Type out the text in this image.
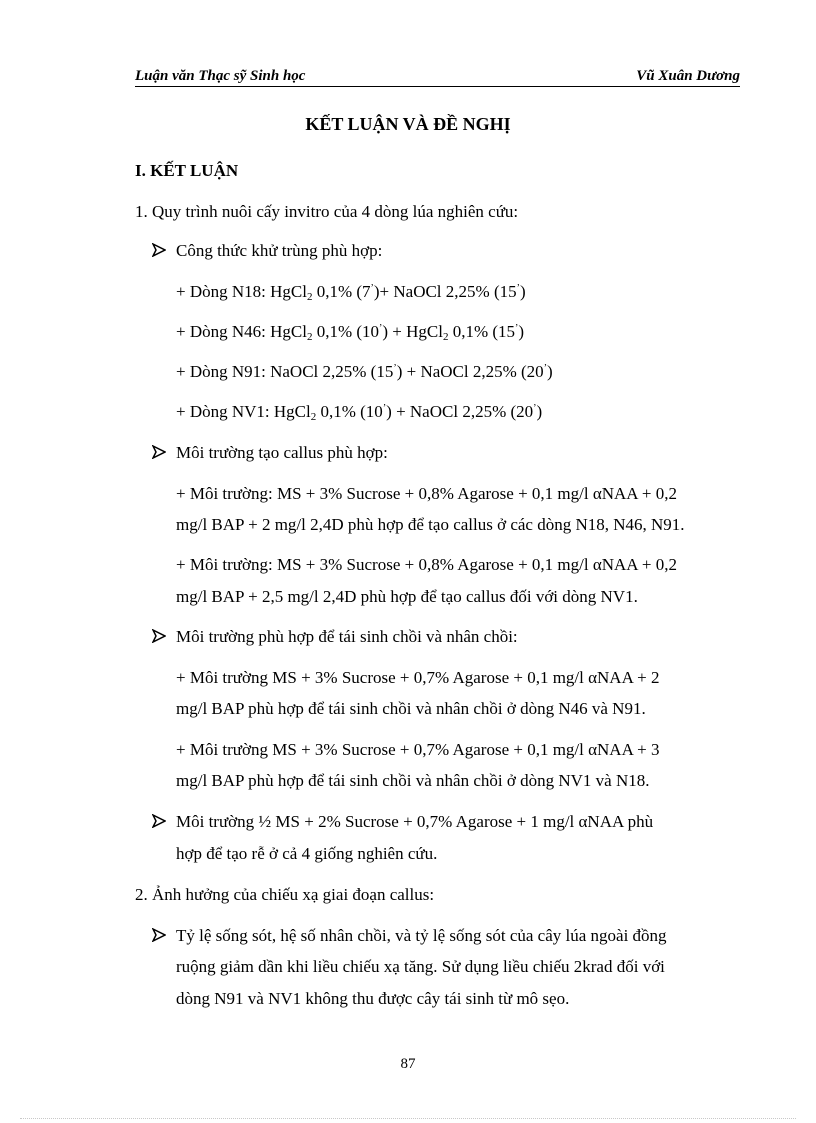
Luận văn Thạc sỹ Sinh học	Vũ Xuân Dương
KẾT LUẬN VÀ ĐỀ NGHỊ
I. KẾT LUẬN
1. Quy trình nuôi cấy invitro của 4 dòng lúa nghiên cứu:
Công thức khử trùng phù hợp:
+ Dòng N18: HgCl$_2$ 0,1% (7’)+ NaOCl 2,25% (15’)
+ Dòng N46: HgCl$_2$ 0,1% (10’) + HgCl$_2$ 0,1% (15’)
+ Dòng N91: NaOCl 2,25% (15’) + NaOCl 2,25% (20’)
+ Dòng NV1: HgCl$_2$ 0,1% (10’) + NaOCl 2,25% (20’)
Môi trường tạo callus phù hợp:
+ Môi trường: MS + 3% Sucrose + 0,8% Agarose + 0,1 mg/l αNAA + 0,2
mg/l BAP + 2 mg/l 2,4D phù hợp để tạo callus ở các dòng N18, N46, N91.
+ Môi trường: MS + 3% Sucrose + 0,8% Agarose + 0,1 mg/l αNAA + 0,2
mg/l BAP + 2,5 mg/l 2,4D phù hợp để tạo callus đối với dòng NV1.
Môi trường phù hợp để tái sinh chồi và nhân chồi:
+ Môi trường MS + 3% Sucrose + 0,7% Agarose + 0,1 mg/l αNAA + 2
mg/l BAP phù hợp để tái sinh chồi và nhân chồi ở dòng N46 và N91.
+ Môi trường MS + 3% Sucrose + 0,7% Agarose + 0,1 mg/l αNAA + 3
mg/l BAP phù hợp để tái sinh chồi và nhân chồi ở dòng NV1 và N18.
Môi trường ½ MS + 2% Sucrose + 0,7% Agarose + 1 mg/l αNAA phù
hợp để tạo rễ ở cả 4 giống nghiên cứu.
2. Ảnh hưởng của chiếu xạ giai đoạn callus:
Tỷ lệ sống sót, hệ số nhân chồi, và tỷ lệ sống sót của cây lúa ngoài đồng
ruộng giảm dần khi liều chiếu xạ tăng. Sử dụng liều chiếu 2krad đối với
dòng N91 và NV1 không thu được cây tái sinh từ mô sẹo.
87
